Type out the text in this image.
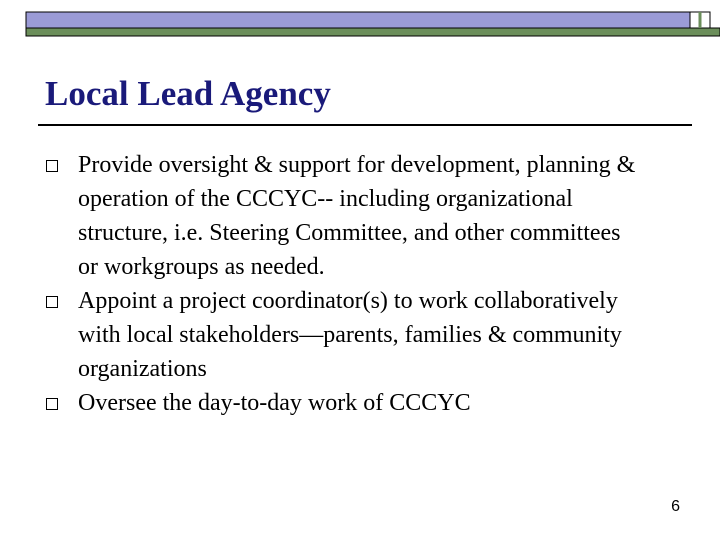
Local Lead Agency
Provide oversight & support for development, planning & operation of the CCCYC-- including organizational structure, i.e. Steering Committee, and other committees or workgroups as needed.
Appoint a project coordinator(s) to work collaboratively with local stakeholders—parents, families & community organizations
Oversee the day-to-day work of CCCYC
6
